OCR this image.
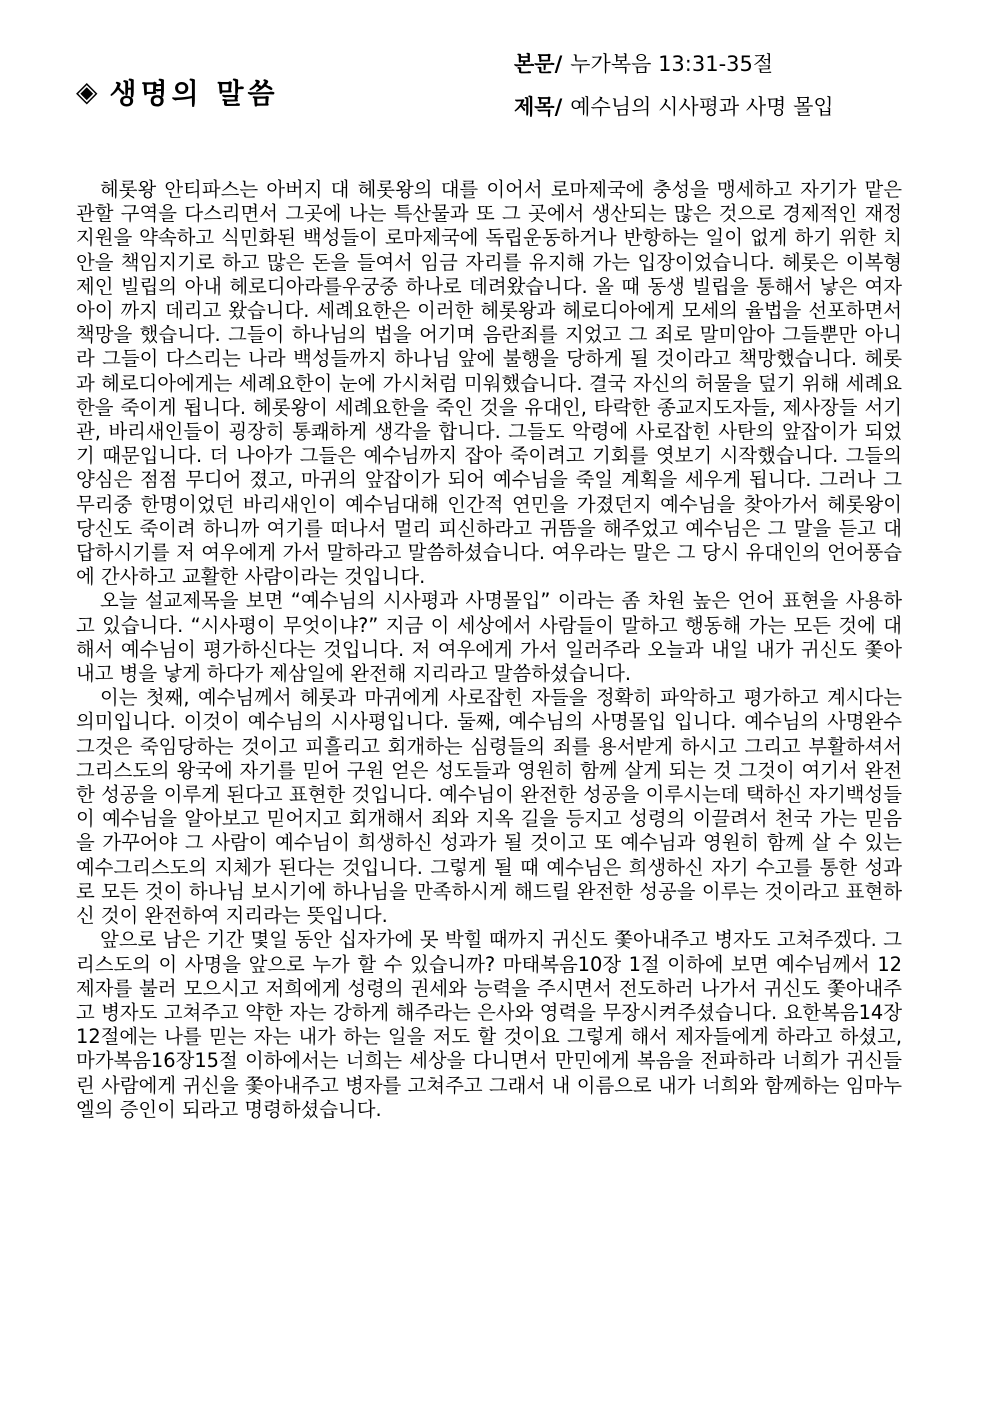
◈ 생명의 말씀
본문/ 누가복음 13:31-35절
제목/ 예수님의 시사평과 사명 몰입

헤롯왕 안티파스는 아버지 대 헤롯왕의 대를 이어서 로마제국에 충성을 맹세하고 자기가 맡은 관할 구역을 다스리면서 그곳에 나는 특산물과 또 그 곳에서 생산되는 많은 것으로 경제적인 재정지원을 약속하고 식민화된 백성들이 로마제국에 독립운동하거나 반항하는 일이 없게 하기 위한 치안을 책임지기로 하고 많은 돈을 들여서 임금 자리를 유지해 가는 입장이었습니다. 헤롯은 이복형제인 빌립의 아내 헤로디아라를우궁중 하나로 데려왔습니다. 올 때 동생 빌립을 통해서 낳은 여자아이 까지 데리고 왔습니다. 세례요한은 이러한 헤롯왕과 헤로디아에게 모세의 율법을 선포하면서 책망을 했습니다. 그들이 하나님의 법을 어기며 음란죄를 지었고 그 죄로 말미암아 그들뿐만 아니라 그들이 다스리는 나라 백성들까지 하나님 앞에 불행을 당하게 될 것이라고 책망했습니다. 헤롯과 헤로디아에게는 세례요한이 눈에 가시처럼 미워했습니다. 결국 자신의 허물을 덮기 위해 세례요한을 죽이게 됩니다. 헤롯왕이 세례요한을 죽인 것을 유대인, 타락한 종교지도자들, 제사장들 서기관, 바리새인들이 굉장히 통쾌하게 생각을 합니다. 그들도 악령에 사로잡힌 사탄의 앞잡이가 되었기 때문입니다. 더 나아가 그들은 예수님까지 잡아 죽이려고 기회를 엿보기 시작했습니다. 그들의 양심은 점점 무디어 졌고, 마귀의 앞잡이가 되어 예수님을 죽일 계획을 세우게 됩니다. 그러나 그 무리중 한명이었던 바리새인이 예수님대해 인간적 연민을 가졌던지 예수님을 찾아가서 헤롯왕이 당신도 죽이려 하니까 여기를 떠나서 멀리 피신하라고 귀뜸을 해주었고 예수님은 그 말을 듣고 대답하시기를 저 여우에게 가서 말하라고 말씀하셨습니다. 여우라는 말은 그 당시 유대인의 언어풍습에 간사하고 교활한 사람이라는 것입니다.

오늘 설교제목을 보면 “예수님의 시사평과 사명몰입” 이라는 좀 차원 높은 언어 표현을 사용하고 있습니다. “시사평이 무엇이냐?” 지금 이 세상에서 사람들이 말하고 행동해 가는 모든 것에 대해서 예수님이 평가하신다는 것입니다. 저 여우에게 가서 일러주라 오늘과 내일 내가 귀신도 쫓아내고 병을 낳게 하다가 제삼일에 완전해 지리라고 말씀하셨습니다.

이는 첫째, 예수님께서 헤롯과 마귀에게 사로잡힌 자들을 정확히 파악하고 평가하고 계시다는 의미입니다. 이것이 예수님의 시사평입니다. 둘째, 예수님의 사명몰입 입니다. 예수님의 사명완수 그것은 죽임당하는 것이고 피흘리고 회개하는 심령들의 죄를 용서받게 하시고 그리고 부활하셔서 그리스도의 왕국에 자기를 믿어 구원 얻은 성도들과 영원히 함께 살게 되는 것 그것이 여기서 완전한 성공을 이루게 된다고 표현한 것입니다. 예수님이 완전한 성공을 이루시는데 택하신 자기백성들이 예수님을 알아보고 믿어지고 회개해서 죄와 지옥 길을 등지고 성령의 이끌려서 천국 가는 믿음을 가꾸어야 그 사람이 예수님이 희생하신 성과가 될 것이고 또 예수님과 영원히 함께 살 수 있는 예수그리스도의 지체가 된다는 것입니다. 그렇게 될 때 예수님은 희생하신 자기 수고를 통한 성과로 모든 것이 하나님 보시기에 하나님을 만족하시게 해드릴 완전한 성공을 이루는 것이라고 표현하신 것이 완전하여 지리라는 뜻입니다.

앞으로 남은 기간 몇일 동안 십자가에 못 박힐 때까지 귀신도 쫓아내주고 병자도 고쳐주겠다. 그리스도의 이 사명을 앞으로 누가 할 수 있습니까? 마태복음10장 1절 이하에 보면 예수님께서 12제자를 불러 모으시고 저희에게 성령의 권세와 능력을 주시면서 전도하러 나가서 귀신도 쫓아내주고 병자도 고쳐주고 약한 자는 강하게 해주라는 은사와 영력을 무장시켜주셨습니다. 요한복음14장12절에는 나를 믿는 자는 내가 하는 일을 저도 할 것이요 그렇게 해서 제자들에게 하라고 하셨고, 마가복음16장15절 이하에서는 너희는 세상을 다니면서 만민에게 복음을 전파하라 너희가 귀신들린 사람에게 귀신을 쫓아내주고 병자를 고쳐주고 그래서 내 이름으로 내가 너희와 함께하는 임마누엘의 증인이 되라고 명령하셨습니다.
